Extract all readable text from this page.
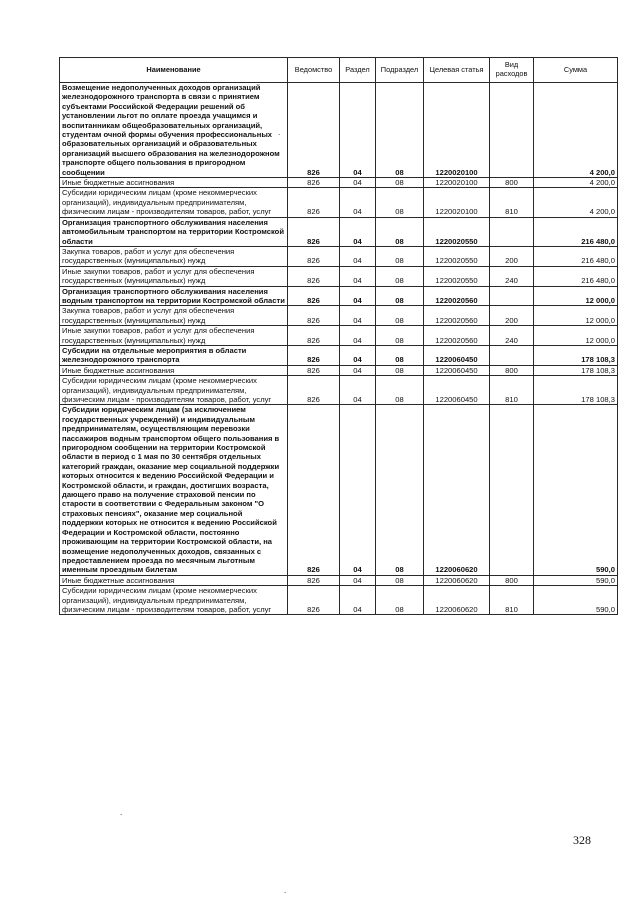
Наименование	Ведомство	Раздел	Подраздел	Целевая статья	Вид расходов	Сумма
Возмещение недополученных доходов организаций железнодорожного транспорта в связи с принятием субъектами Российской Федерации решений об установлении льгот по оплате проезда учащимся и воспитанникам общеобразовательных организаций, студентам очной формы обучения профессиональных образовательных организаций и образовательных организаций высшего образования на железнодорожном транспорте общего пользования в пригородном сообщении	826	04	08	1220020100		4 200,0
Иные бюджетные ассигнования	826	04	08	1220020100	800	4 200,0
Субсидии юридическим лицам (кроме некоммерческих организаций), индивидуальным предпринимателям, физическим лицам - производителям товаров, работ, услуг	826	04	08	1220020100	810	4 200,0
Организация транспортного обслуживания населения автомобильным транспортом на территории Костромской области	826	04	08	1220020550		216 480,0
Закупка товаров, работ и услуг для обеспечения государственных (муниципальных) нужд	826	04	08	1220020550	200	216 480,0
Иные закупки товаров, работ и услуг для обеспечения государственных (муниципальных) нужд	826	04	08	1220020550	240	216 480,0
Организация транспортного обслуживания населения водным транспортом на территории Костромской области	826	04	08	1220020560		12 000,0
Закупка товаров, работ и услуг для обеспечения государственных (муниципальных) нужд	826	04	08	1220020560	200	12 000,0
Иные закупки товаров, работ и услуг для обеспечения государственных (муниципальных) нужд	826	04	08	1220020560	240	12 000,0
Субсидии на отдельные мероприятия в области железнодорожного транспорта	826	04	08	1220060450		178 108,3
Иные бюджетные ассигнования	826	04	08	1220060450	800	178 108,3
Субсидии юридическим лицам (кроме некоммерческих организаций), индивидуальным предпринимателям, физическим лицам - производителям товаров, работ, услуг	826	04	08	1220060450	810	178 108,3
Субсидии юридическим лицам (за исключением государственных учреждений) и индивидуальным предпринимателям, осуществляющим перевозки пассажиров водным транспортом общего пользования в пригородном сообщении на территории Костромской области в период с 1 мая по 30 сентября отдельных категорий граждан, оказание мер социальной поддержки которых относится к ведению Российской Федерации и Костромской области, и граждан, достигших возраста, дающего право на получение страховой пенсии по старости в соответствии с Федеральным законом "О страховых пенсиях", оказание мер социальной поддержки которых не относится к ведению Российской Федерации и Костромской области, постоянно проживающим на территории Костромской области, на возмещение недополученных доходов, связанных с предоставлением проезда по месячным льготным именным проездным билетам	826	04	08	1220060620		590,0
Иные бюджетные ассигнования	826	04	08	1220060620	800	590,0
Субсидии юридическим лицам (кроме некоммерческих организаций), индивидуальным предпринимателям, физическим лицам - производителям товаров, работ, услуг	826	04	08	1220060620	810	590,0
.
.
.
328
